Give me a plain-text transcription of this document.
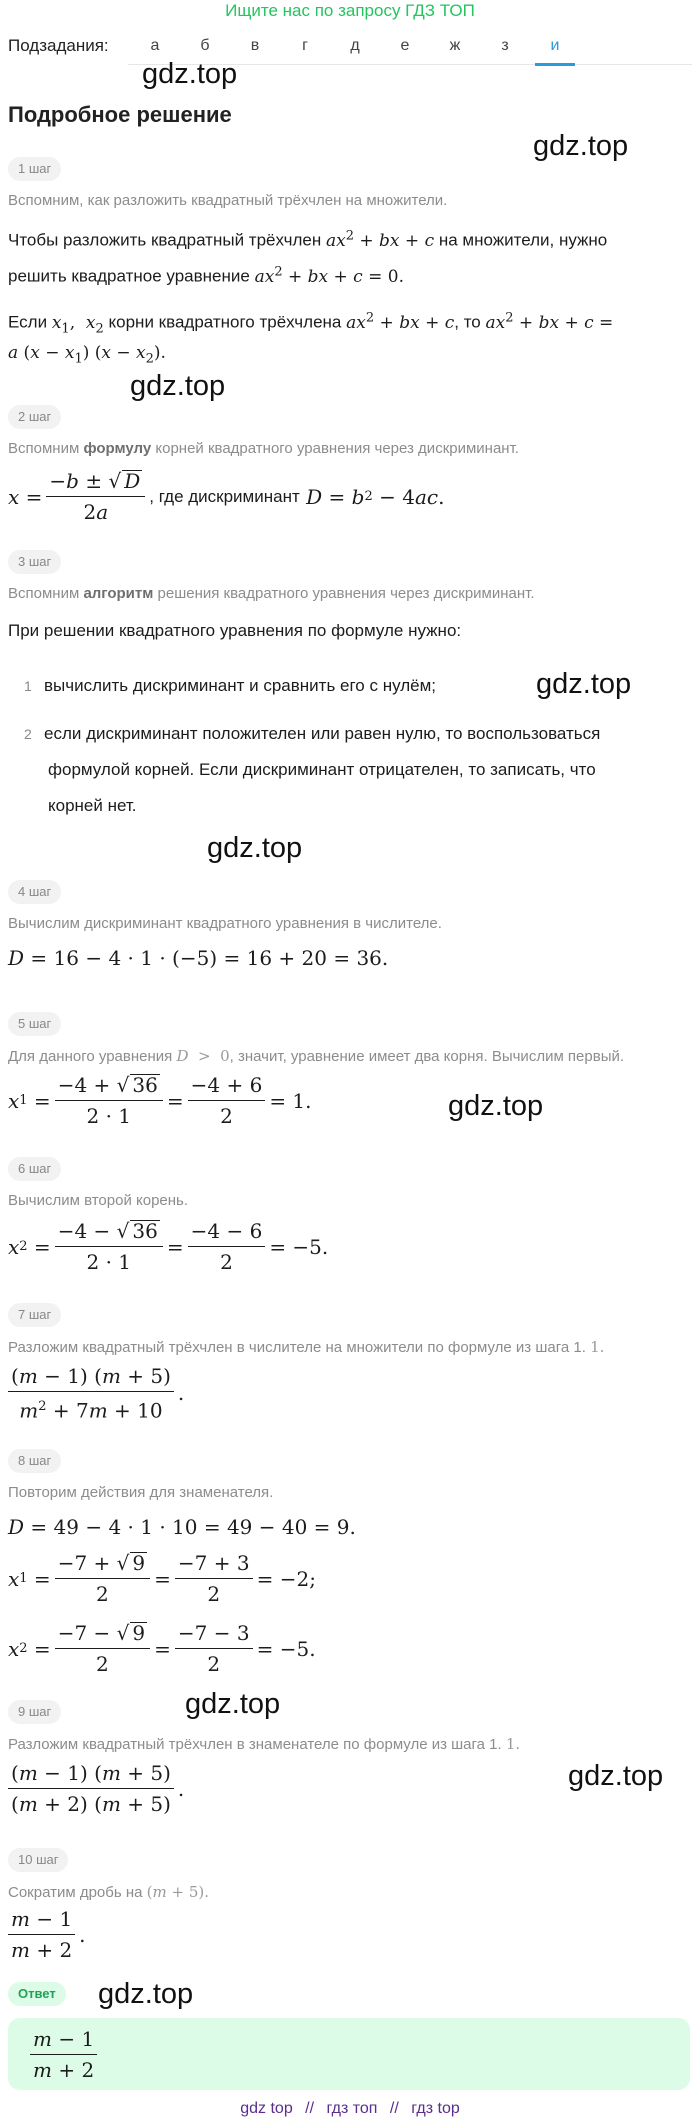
Ищите нас по запросу ГДЗ ТОП
Подзадания:	а	б	в	г	д	е	ж	з	и
gdz.top
gdz.top
gdz.top
gdz.top
gdz.top
gdz.top
gdz.top
gdz.top
gdz.top
Подробное решение
1 шаг
Вспомним, как разложить квадратный трёхчлен на множители.
Чтобы разложить квадратный трёхчлен $ax^2$ + bx + c на множители, нужно
решить квадратное уравнение $ax^2$ + bx + c = 0.
Если $x_1$,  $x_2$ корни квадратного трёхчлена $ax^2$ + bx + c, то $ax^2$ + bx + c =
a $(x - x_1)$ $(x - x_2)$.
2 шаг
Вспомним формулу корней квадратного уравнения через дискриминант.
$x = \frac{-b \pm √ D}{2a}$ , где дискриминант
D = b 2 − 4 ac .
3 шаг
Вспомним алгоритм решения квадратного уравнения через дискриминант.
При решении квадратного уравнения по формуле нужно:
1 вычислить дискриминант и сравнить его с нулём;
2 если дискриминант положителен или равен нулю, то воспользоваться
формулой корней. Если дискриминант отрицателен, то записать, что
корней нет.
4 шаг
Вычислим дискриминант квадратного уравнения в числителе.
D = 16 − 4 · 1 · (−5) = 16 + 20 = 36.
5 шаг
Для данного уравнения D  > 0, значит, уравнение имеет два корня. Вычислим первый.
x $1 = \frac{-4 + √ 36}{2 \cdot 1} = \frac{-4 + 6}{2} = 1$.
6 шаг
Вычислим второй корень.
x $2 = \frac{-4 - √ 36}{2 \cdot 1} = \frac{-4 - 6}{2} = -5$.
7 шаг
Разложим квадратный трёхчлен в числителе на множители по формуле из шага 1. 1.
$\frac{(m - 1) (m + 5)}{m^2 + 7m + 10}$ .
8 шаг
Повторим действия для знаменателя.
D = 49 − 4 · 1 · 10 = 49 − 40 = 9.
x $1 = \frac{-7 + √ 9}{2} = \frac{-7 + 3}{2} = -2$;
x $2 = \frac{-7 - √ 9}{2} = \frac{-7 - 3}{2} = -5$.
9 шаг
Разложим квадратный трёхчлен в знаменателе по формуле из шага 1. 1.
$\frac{(m - 1) (m + 5)}{(m + 2) (m + 5)}$ .
10 шаг
Сократим дробь на (m + 5).
$\frac{m - 1}{m + 2}$ .
Ответ
$\frac{m - 1}{m + 2}$
gdz top // гдз топ // гдз top
